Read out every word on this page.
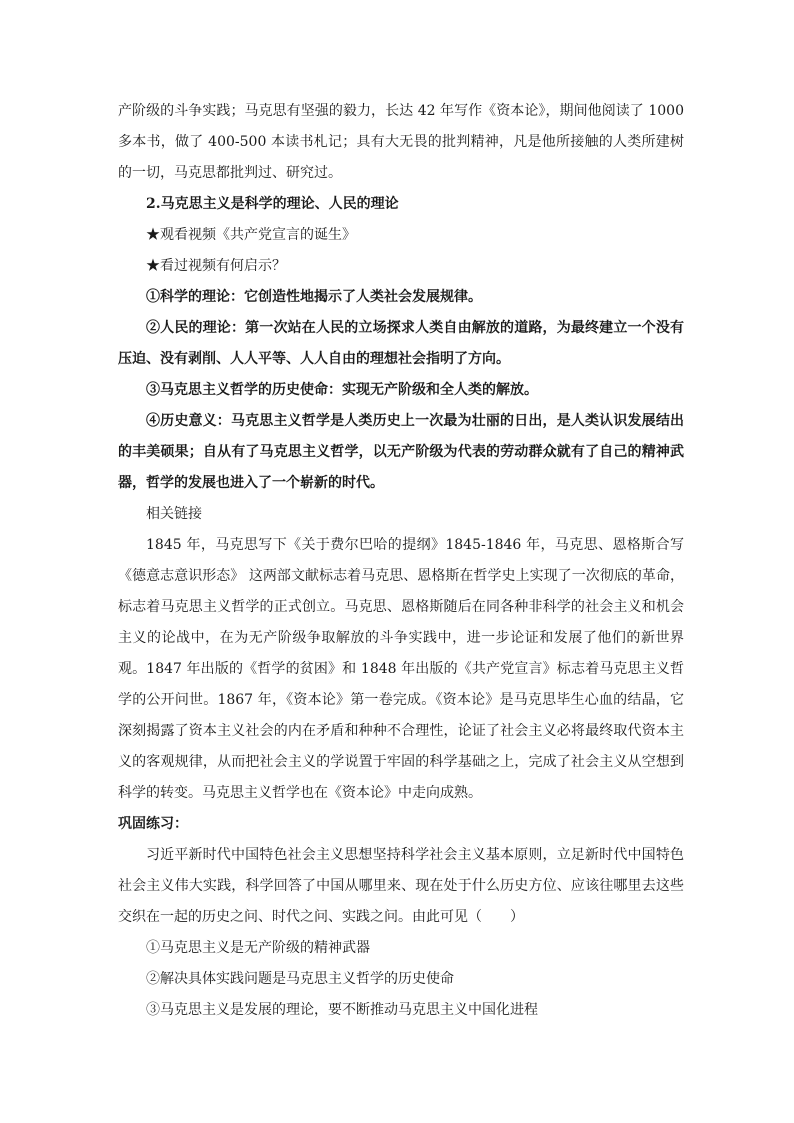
产阶级的斗争实践；马克思有坚强的毅力，长达 42 年写作《资本论》，期间他阅读了 1000 多本书，做了 400-500 本读书札记；具有大无畏的批判精神，凡是他所接触的人类所建树的一切，马克思都批判过、研究过。

2.马克思主义是科学的理论、人民的理论

★观看视频《共产党宣言的诞生》

★看过视频有何启示？

①科学的理论：它创造性地揭示了人类社会发展规律。

②人民的理论：第一次站在人民的立场探求人类自由解放的道路，为最终建立一个没有压迫、没有剥削、人人平等、人人自由的理想社会指明了方向。

③马克思主义哲学的历史使命：实现无产阶级和全人类的解放。

④历史意义：马克思主义哲学是人类历史上一次最为壮丽的日出，是人类认识发展结出的丰美硕果；自从有了马克思主义哲学，以无产阶级为代表的劳动群众就有了自己的精神武器，哲学的发展也进入了一个崭新的时代。

相关链接

1845 年，马克思写下《关于费尔巴哈的提纲》1845-1846 年，马克思、恩格斯合写《德意志意识形态》 这两部文献标志着马克思、恩格斯在哲学史上实现了一次彻底的革命，标志着马克思主义哲学的正式创立。马克思、恩格斯随后在同各种非科学的社会主义和机会主义的论战中，在为无产阶级争取解放的斗争实践中，进一步论证和发展了他们的新世界观。1847 年出版的《哲学的贫困》和 1848 年出版的《共产党宣言》标志着马克思主义哲学的公开问世。1867 年，《资本论》第一卷完成。《资本论》是马克思毕生心血的结晶，它深刻揭露了资本主义社会的内在矛盾和种种不合理性，论证了社会主义必将最终取代资本主义的客观规律，从而把社会主义的学说置于牢固的科学基础之上，完成了社会主义从空想到科学的转变。马克思主义哲学也在《资本论》中走向成熟。

巩固练习：

习近平新时代中国特色社会主义思想坚持科学社会主义基本原则，立足新时代中国特色社会主义伟大实践，科学回答了中国从哪里来、现在处于什么历史方位、应该往哪里去这些交织在一起的历史之问、时代之问、实践之问。由此可见（　　）

①马克思主义是无产阶级的精神武器

②解决具体实践问题是马克思主义哲学的历史使命

③马克思主义是发展的理论，要不断推动马克思主义中国化进程
